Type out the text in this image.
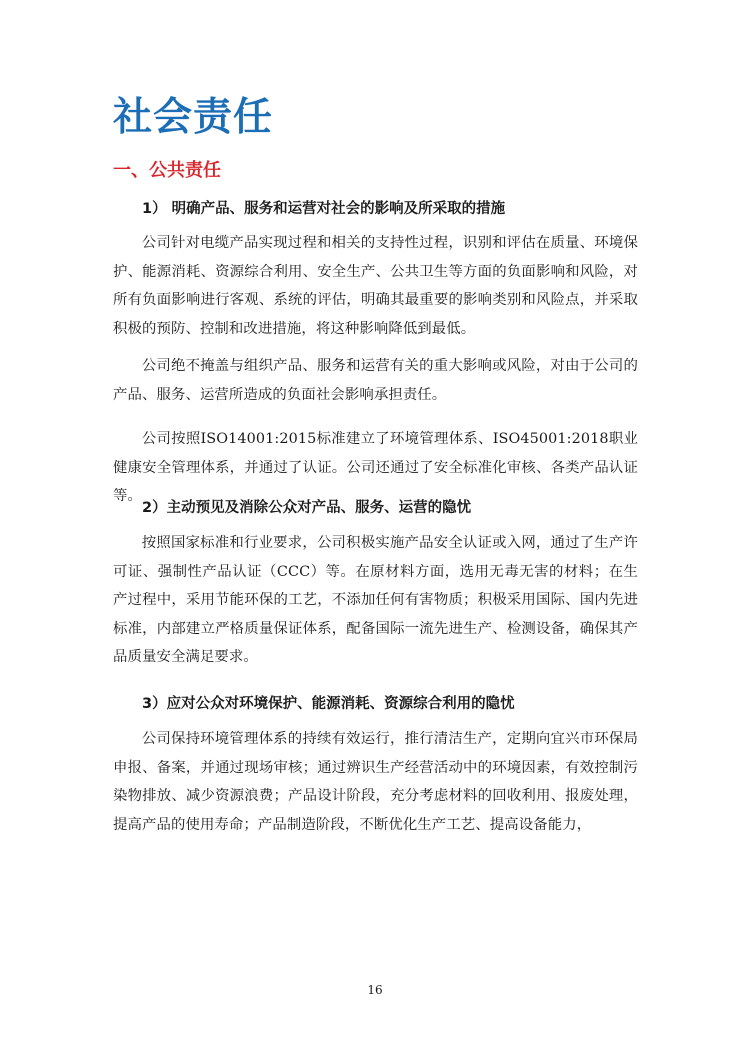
社会责任
一、公共责任
1） 明确产品、服务和运营对社会的影响及所采取的措施

公司针对电缆产品实现过程和相关的支持性过程，识别和评估在质量、环境保护、能源消耗、资源综合利用、安全生产、公共卫生等方面的负面影响和风险，对所有负面影响进行客观、系统的评估，明确其最重要的影响类别和风险点，并采取积极的预防、控制和改进措施，将这种影响降低到最低。

公司绝不掩盖与组织产品、服务和运营有关的重大影响或风险，对由于公司的产品、服务、运营所造成的负面社会影响承担责任。

公司按照ISO14001:2015标准建立了环境管理体系、ISO45001:2018职业健康安全管理体系，并通过了认证。公司还通过了安全标准化审核、各类产品认证等。

2）主动预见及消除公众对产品、服务、运营的隐忧

按照国家标准和行业要求，公司积极实施产品安全认证或入网，通过了生产许可证、强制性产品认证（CCC）等。在原材料方面，选用无毒无害的材料；在生产过程中，采用节能环保的工艺，不添加任何有害物质；积极采用国际、国内先进标准，内部建立严格质量保证体系，配备国际一流先进生产、检测设备，确保其产品质量安全满足要求。

3）应对公众对环境保护、能源消耗、资源综合利用的隐忧

公司保持环境管理体系的持续有效运行，推行清洁生产，定期向宜兴市环保局申报、备案，并通过现场审核；通过辨识生产经营活动中的环境因素，有效控制污染物排放、减少资源浪费；产品设计阶段，充分考虑材料的回收利用、报废处理，提高产品的使用寿命；产品制造阶段，不断优化生产工艺、提高设备能力，

16
